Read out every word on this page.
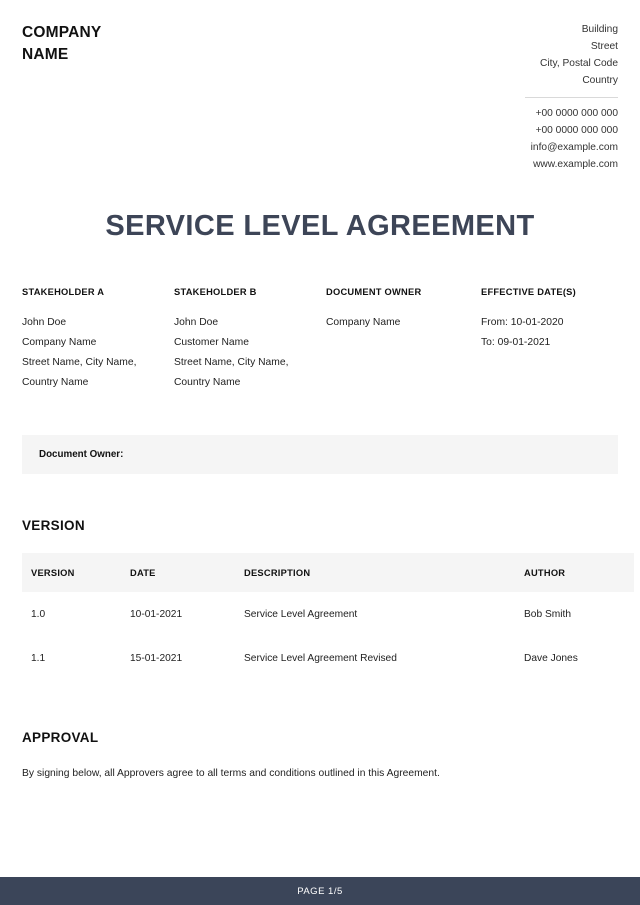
COMPANY
NAME
Building
Street
City, Postal Code
Country
+00 0000 000 000
+00 0000 000 000
info@example.com
www.example.com
SERVICE LEVEL AGREEMENT
STAKEHOLDER A
John Doe
Company Name
Street Name, City Name,
Country Name
STAKEHOLDER B
John Doe
Customer Name
Street Name, City Name,
Country Name
DOCUMENT OWNER
Company Name
EFFECTIVE DATE(S)
From: 10-01-2020
To: 09-01-2021
Document Owner:
VERSION
VERSION	DATE	DESCRIPTION	AUTHOR
1.0	10-01-2021	Service Level Agreement	Bob Smith
1.1	15-01-2021	Service Level Agreement Revised	Dave Jones
APPROVAL
By signing below, all Approvers agree to all terms and conditions outlined in this Agreement.
PAGE 1/5
